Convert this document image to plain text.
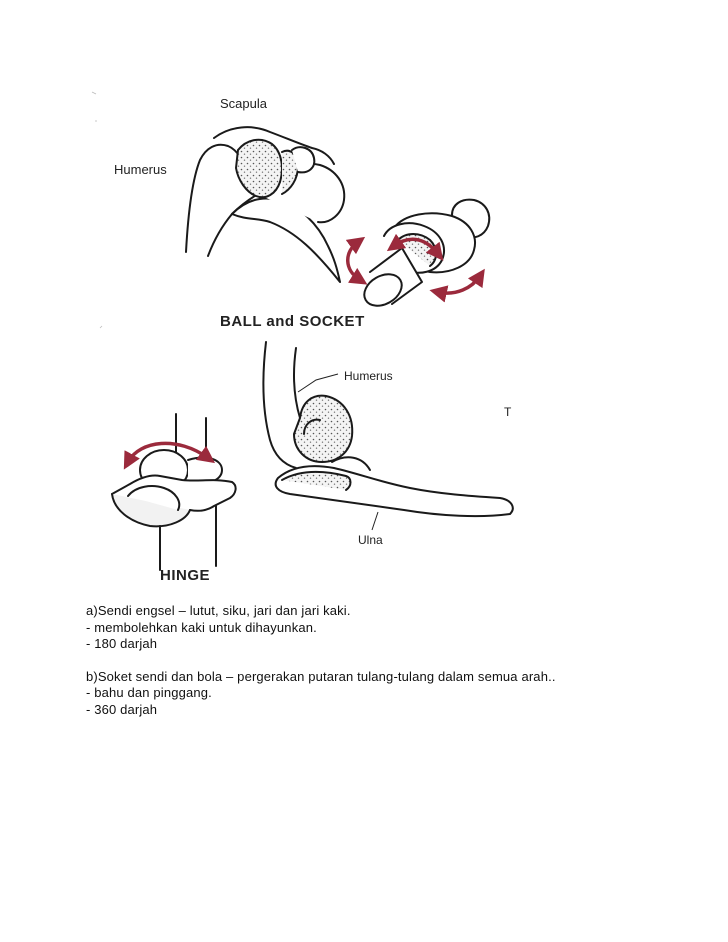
Scapula
Humerus
BALL and SOCKET
Humerus
T
Ulna
HINGE
a)Sendi engsel – lutut, siku, jari dan jari kaki.
- membolehkan kaki untuk dihayunkan.
- 180 darjah
b)Soket sendi dan bola – pergerakan putaran tulang-tulang dalam semua arah..
- bahu dan pinggang.
- 360 darjah
